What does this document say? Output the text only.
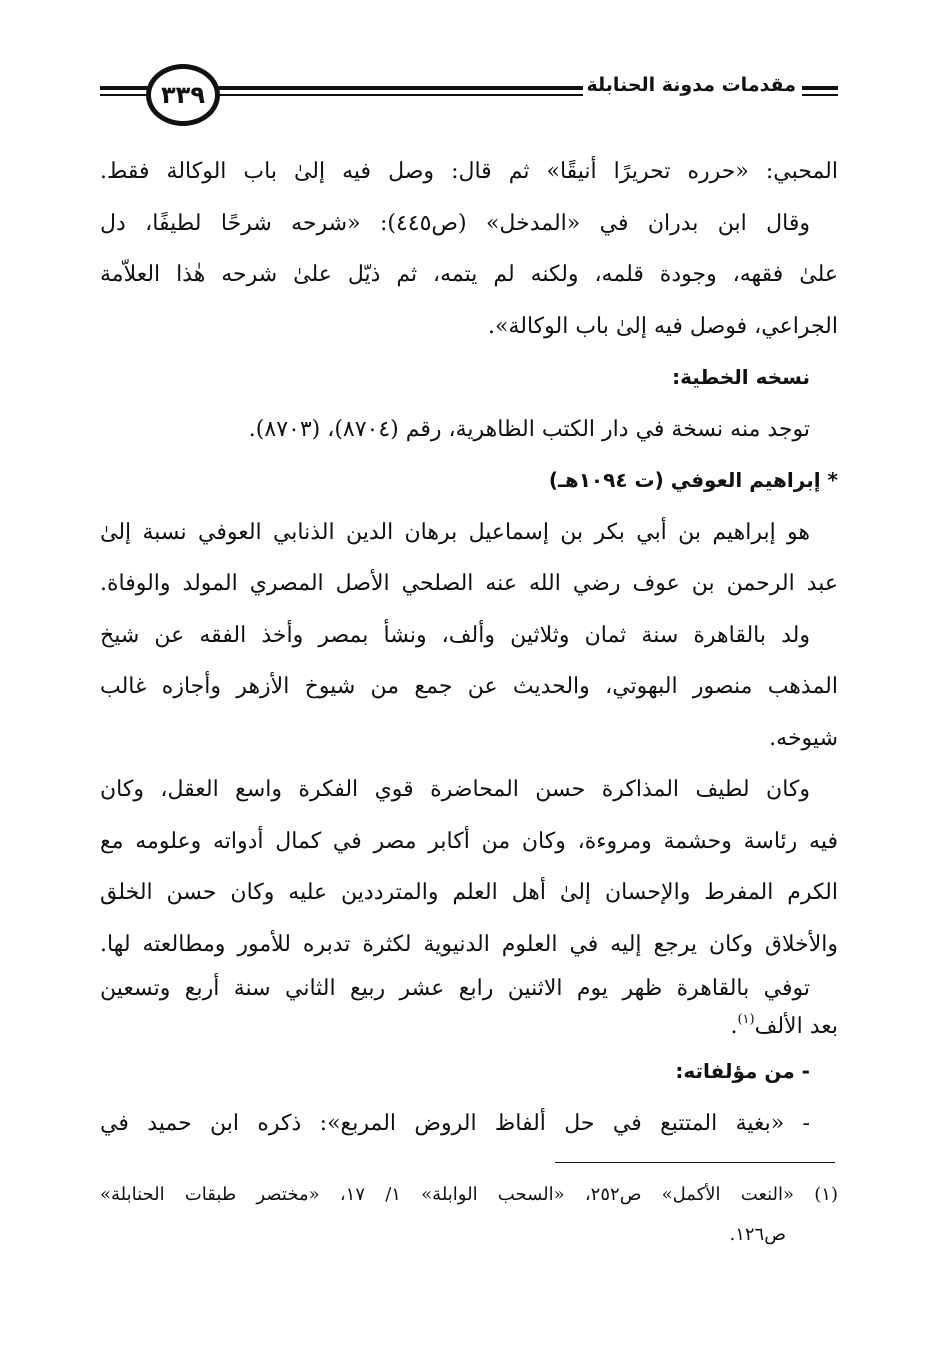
٣٣٩	مقدمات مدونة الحنابلة
المحبي: «حرره تحريرًا أنيقًا» ثم قال: وصل فيه إلىٰ باب الوكالة فقط.
وقال ابن بدران في «المدخل» (ص٤٤٥): «شرحه شرحًا لطيفًا، دل
علىٰ فقهه، وجودة قلمه، ولكنه لم يتمه، ثم ذيّل علىٰ شرحه هٰذا العلاّمة
الجراعي، فوصل فيه إلىٰ باب الوكالة».
نسخه الخطية:
توجد منه نسخة في دار الكتب الظاهرية، رقم (٨٧٠٤)، (٨٧٠٣).
* إبراهيم العوفي (ت ١٠٩٤هـ)
هو إبراهيم بن أبي بكر بن إسماعيل برهان الدين الذنابي العوفي نسبة إلىٰ
عبد الرحمن بن عوف رضي الله عنه الصلحي الأصل المصري المولد والوفاة.
ولد بالقاهرة سنة ثمان وثلاثين وألف، ونشأ بمصر وأخذ الفقه عن شيخ
المذهب منصور البهوتي، والحديث عن جمع من شيوخ الأزهر وأجازه غالب
شيوخه.
وكان لطيف المذاكرة حسن المحاضرة قوي الفكرة واسع العقل، وكان
فيه رئاسة وحشمة ومروءة، وكان من أكابر مصر في كمال أدواته وعلومه مع
الكرم المفرط والإحسان إلىٰ أهل العلم والمترددين عليه وكان حسن الخلق
والأخلاق وكان يرجع إليه في العلوم الدنيوية لكثرة تدبره للأمور ومطالعته لها.
توفي بالقاهرة ظهر يوم الاثنين رابع عشر ربيع الثاني سنة أربع وتسعين
بعد الألف$^{(١)}$.
- من مؤلفاته:
- «بغية المتتبع في حل ألفاظ الروض المربع»: ذكره ابن حميد في
(١) «النعت الأكمل» ص٢٥٢، «السحب الوابلة» ١/ ١٧، «مختصر طبقات الحنابلة»
ص١٢٦.
